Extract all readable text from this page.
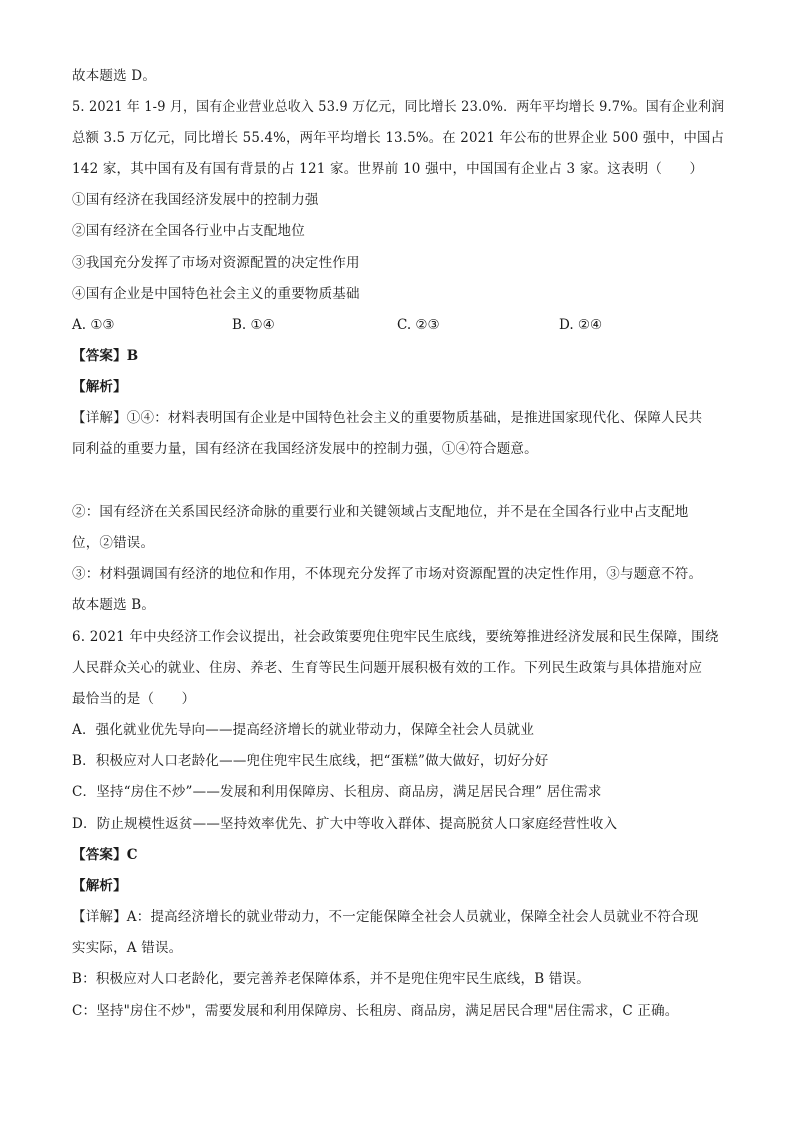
故本题选 D。
5. 2021 年 1-9 月，国有企业营业总收入 53.9 万亿元，同比增长 23.0%．两年平均增长 9.7%。国有企业利润
总额 3.5 万亿元，同比增长 55.4%，两年平均增长 13.5%。在 2021 年公布的世界企业 500 强中，中国占
142 家，其中国有及有国有背景的占 121 家。世界前 10 强中，中国国有企业占 3 家。这表明（　　）
①国有经济在我国经济发展中的控制力强
②国有经济在全国各行业中占支配地位
③我国充分发挥了市场对资源配置的决定性作用
④国有企业是中国特色社会主义的重要物质基础
A. ①③	B. ①④	C. ②③	D. ②④
【答案】B
【解析】
【详解】①④：材料表明国有企业是中国特色社会主义的重要物质基础，是推进国家现代化、保障人民共
同利益的重要力量，国有经济在我国经济发展中的控制力强，①④符合题意。
②：国有经济在关系国民经济命脉的重要行业和关键领域占支配地位，并不是在全国各行业中占支配地
位，②错误。
③：材料强调国有经济的地位和作用，不体现充分发挥了市场对资源配置的决定性作用，③与题意不符。
故本题选 B。
6. 2021 年中央经济工作会议提出，社会政策要兜住兜牢民生底线，要统筹推进经济发展和民生保障，围绕
人民群众关心的就业、住房、养老、生育等民生问题开展积极有效的工作。下列民生政策与具体措施对应
最恰当的是（　　）
A．强化就业优先导向——提高经济增长的就业带动力，保障全社会人员就业
B．积极应对人口老龄化——兜住兜牢民生底线，把“蛋糕”做大做好，切好分好
C．坚持“房住不炒”——发展和利用保障房、长租房、商品房，满足居民合理” 居住需求
D．防止规模性返贫——坚持效率优先、扩大中等收入群体、提高脱贫人口家庭经营性收入
【答案】C
【解析】
【详解】A：提高经济增长的就业带动力，不一定能保障全社会人员就业，保障全社会人员就业不符合现
实实际，A 错误。
B：积极应对人口老龄化，要完善养老保障体系，并不是兜住兜牢民生底线，B 错误。
C：坚持"房住不炒"，需要发展和利用保障房、长租房、商品房，满足居民合理"居住需求，C 正确。
